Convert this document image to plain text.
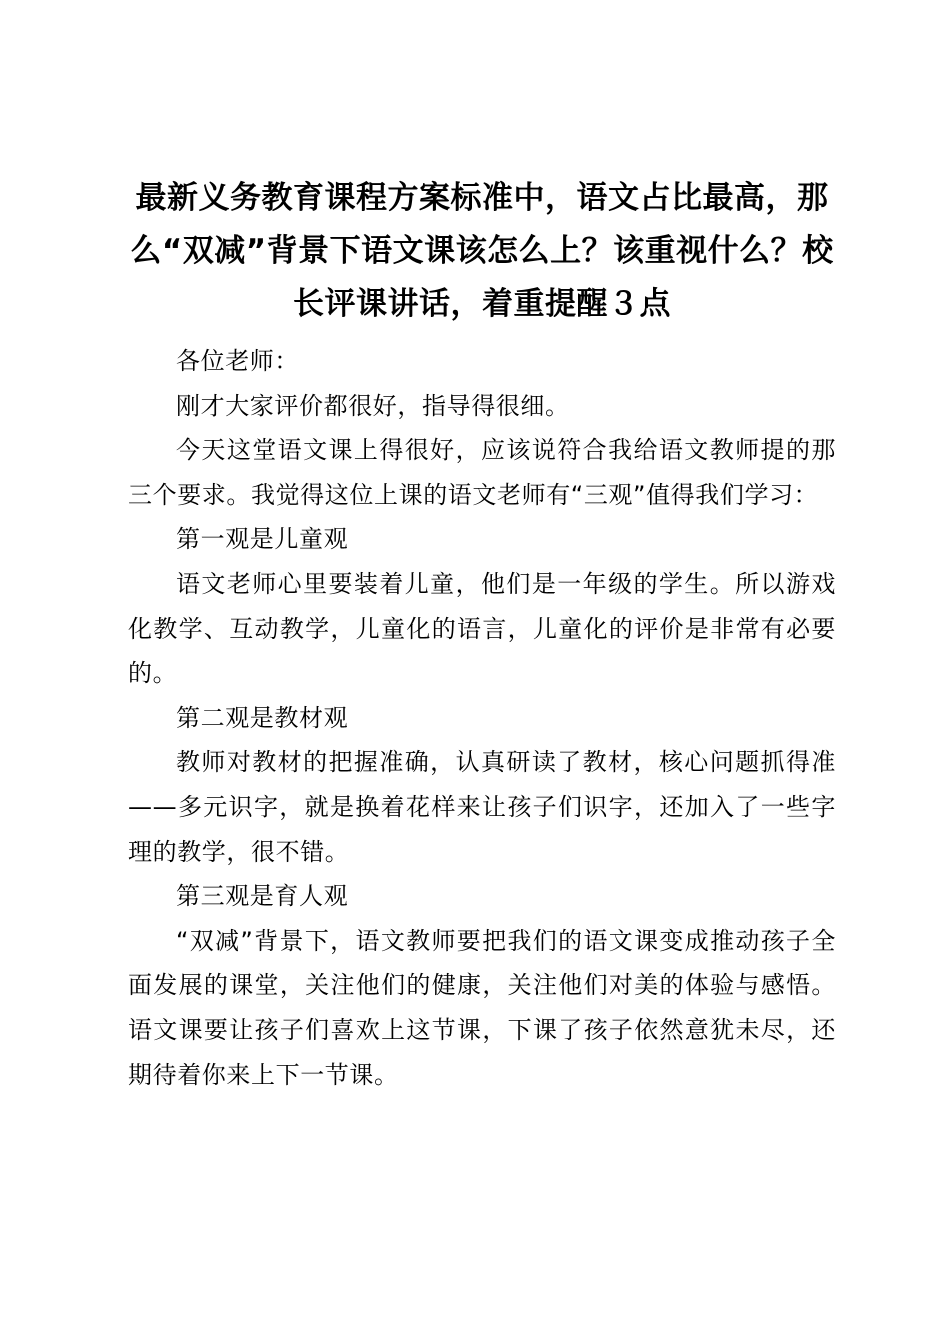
最新义务教育课程方案标准中，语文占比最高，那么“双减”背景下语文课该怎么上？该重视什么？校长评课讲话，着重提醒３点

各位老师：

刚才大家评价都很好，指导得很细。

今天这堂语文课上得很好，应该说符合我给语文教师提的那三个要求。我觉得这位上课的语文老师有“三观”值得我们学习：

第一观是儿童观

语文老师心里要装着儿童，他们是一年级的学生。所以游戏化教学、互动教学，儿童化的语言，儿童化的评价是非常有必要的。

第二观是教材观

教师对教材的把握准确，认真研读了教材，核心问题抓得准——多元识字，就是换着花样来让孩子们识字，还加入了一些字理的教学，很不错。

第三观是育人观

“双减”背景下，语文教师要把我们的语文课变成推动孩子全面发展的课堂，关注他们的健康，关注他们对美的体验与感悟。语文课要让孩子们喜欢上这节课，下课了孩子依然意犹未尽，还期待着你来上下一节课。
